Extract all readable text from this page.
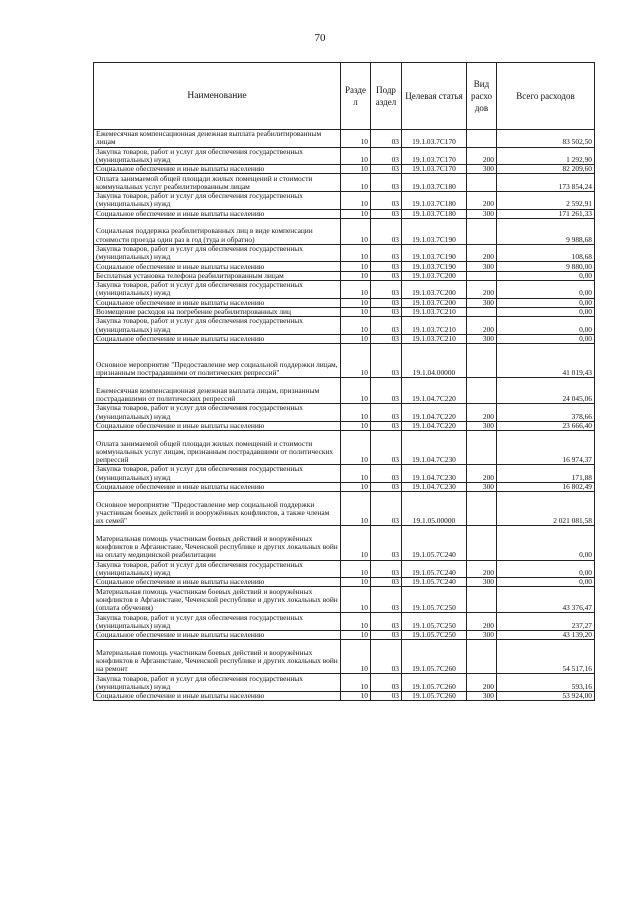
70
Наименование	Разде л	Подр аздел	Целевая статья	Вид расхо дов	Всего расходов
Ежемесячная компенсационная денежная выплата реабилитированным лицам	10	03	19.1.03.7С170		83 502,50
Закупка товаров, работ и услуг для обеспечения государственных (муниципальных) нужд	10	03	19.1.03.7С170	200	1 292,90
Социальное обеспечение и иные выплаты населению	10	03	19.1.03.7С170	300	82 209,60
Оплата занимаемой общей площади жилых помещений и стоимости коммунальных услуг реабилитированным лицам	10	03	19.1.03.7С180		173 854,24
Закупка товаров, работ и услуг для обеспечения государственных (муниципальных) нужд	10	03	19.1.03.7С180	200	2 592,91
Социальное обеспечение и иные выплаты населению	10	03	19.1.03.7С180	300	171 261,33
Социальная поддержка реабилитированных лиц в виде компенсации стоимости проезда один раз в год (туда и обратно)	10	03	19.1.03.7С190		9 988,68
Закупка товаров, работ и услуг для обеспечения государственных (муниципальных) нужд	10	03	19.1.03.7С190	200	108,68
Социальное обеспечение и иные выплаты населению	10	03	19.1.03.7С190	300	9 880,00
Бесплатная установка телефона реабилитированным лицам	10	03	19.1.03.7С200		0,00
Закупка товаров, работ и услуг для обеспечения государственных (муниципальных) нужд	10	03	19.1.03.7С200	200	0,00
Социальное обеспечение и иные выплаты населению	10	03	19.1.03.7С200	300	0,00
Возмещение расходов на погребение реабилитированных лиц	10	03	19.1.03.7С210		0,00
Закупка товаров, работ и услуг для обеспечения государственных (муниципальных) нужд	10	03	19.1.03.7С210	200	0,00
Социальное обеспечение и иные выплаты населению	10	03	19.1.03.7С210	300	0,00
Основное мероприятие "Предоставление мер социальной поддержки лицам, признанным пострадавшими от политических репрессий"	10	03	19.1.04.00000		41 019,43
Ежемесячная компенсационная денежная выплата лицам, признанным пострадавшими от политических репрессий	10	03	19.1.04.7С220		24 045,06
Закупка товаров, работ и услуг для обеспечения государственных (муниципальных) нужд	10	03	19.1.04.7С220	200	378,66
Социальное обеспечение и иные выплаты населению	10	03	19.1.04.7С220	300	23 666,40
Оплата занимаемой общей площади жилых помещений и стоимости коммунальных услуг лицам, признанным пострадавшими от политических репрессий	10	03	19.1.04.7С230		16 974,37
Закупка товаров, работ и услуг для обеспечения государственных (муниципальных) нужд	10	03	19.1.04.7С230	200	171,88
Социальное обеспечение и иные выплаты населению	10	03	19.1.04.7С230	300	16 802,49
Основное мероприятие "Предоставление мер социальной поддержки участникам боевых действий и вооружённых конфликтов, а также членам их семей"	10	03	19.1.05.00000		2 021 081,58
Материальная помощь участникам боевых действий и вооружённых конфликтов в Афганистане, Чеченской республике и других локальных войн на оплату медицинской реабилитации	10	03	19.1.05.7С240		0,00
Закупка товаров, работ и услуг для обеспечения государственных (муниципальных) нужд	10	03	19.1.05.7С240	200	0,00
Социальное обеспечение и иные выплаты населению	10	03	19.1.05.7С240	300	0,00
Материальная помощь участникам боевых действий и вооружённых конфликтов в Афганистане, Чеченской республике и других локальных войн (оплата обучения)	10	03	19.1.05.7С250		43 376,47
Закупка товаров, работ и услуг для обеспечения государственных (муниципальных) нужд	10	03	19.1.05.7С250	200	237,27
Социальное обеспечение и иные выплаты населению	10	03	19.1.05.7С250	300	43 139,20
Материальная помощь участникам боевых действий и вооружённых конфликтов в Афганистане, Чеченской республике и других локальных войн на ремонт	10	03	19.1.05.7С260		54 517,16
Закупка товаров, работ и услуг для обеспечения государственных (муниципальных) нужд	10	03	19.1.05.7С260	200	593,16
Социальное обеспечение и иные выплаты населению	10	03	19.1.05.7С260	300	53 924,00
